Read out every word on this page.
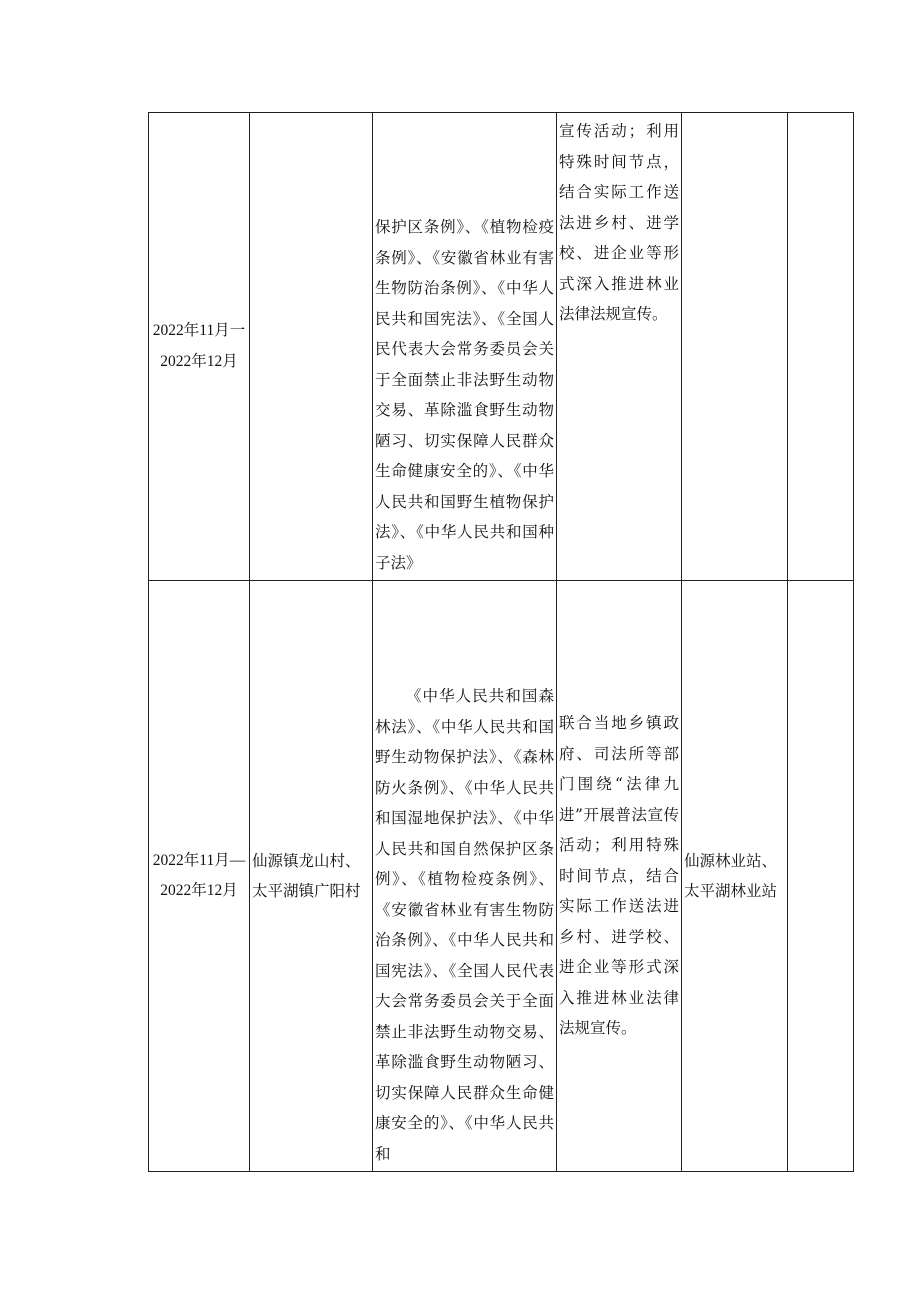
2022年11月一2022年12月		保护区条例》、《植物检疫条例》、《安徽省林业有害生物防治条例》、《中华人民共和国宪法》、《全国人民代表大会常务委员会关于全面禁止非法野生动物交易、革除滥食野生动物陋习、切实保障人民群众生命健康安全的》、《中华人民共和国野生植物保护法》、《中华人民共和国种子法》	宣传活动；利用特殊时间节点，结合实际工作送法进乡村、进学校、进企业等形式深入推进林业法律法规宣传。		
2022年11月—2022年12月	仙源镇龙山村、太平湖镇广阳村	《中华人民共和国森林法》、《中华人民共和国野生动物保护法》、《森林防火条例》、《中华人民共和国湿地保护法》、《中华人民共和国自然保护区条例》、《植物检疫条例》、《安徽省林业有害生物防治条例》、《中华人民共和国宪法》、《全国人民代表大会常务委员会关于全面禁止非法野生动物交易、革除滥食野生动物陋习、切实保障人民群众生命健康安全的》、《中华人民共和	联合当地乡镇政府、司法所等部门围绕“法律九进”开展普法宣传活动；利用特殊时间节点，结合实际工作送法进乡村、进学校、进企业等形式深入推进林业法律法规宣传。	仙源林业站、太平湖林业站	
